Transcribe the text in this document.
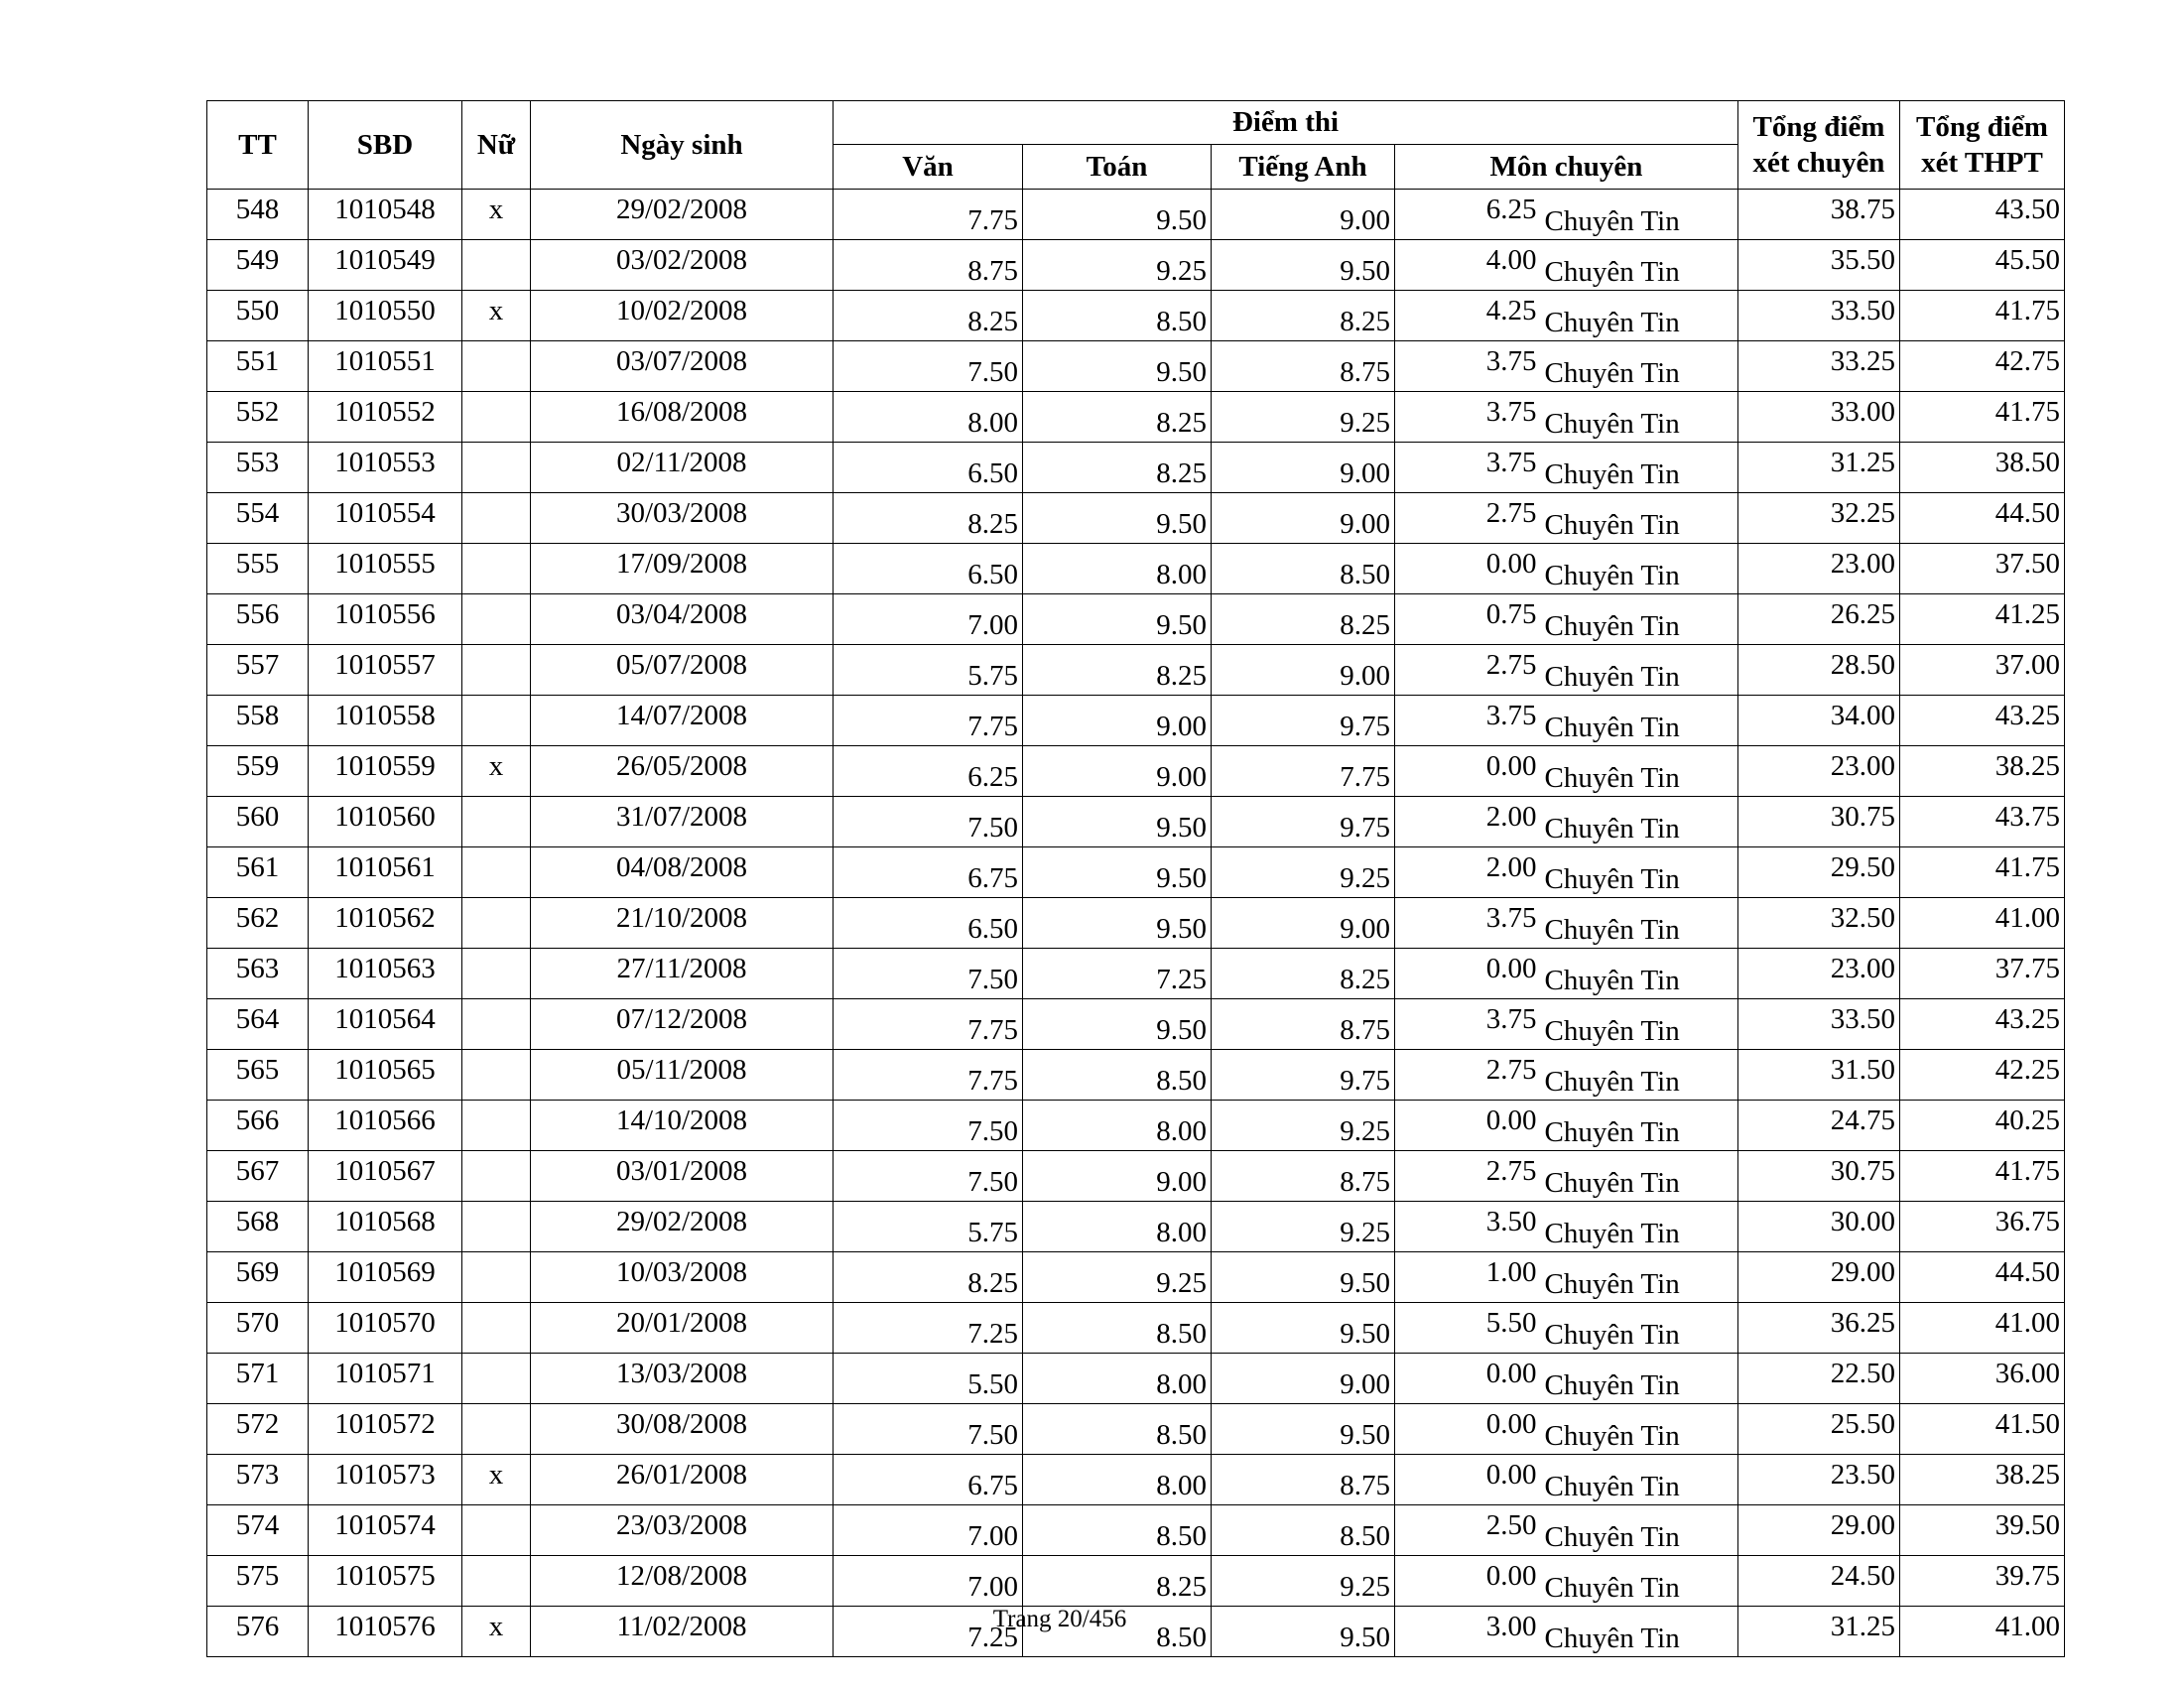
TT	SBD	Nữ	Ngày sinh	Điểm thi					Tổng điểm xét chuyên	Tổng điểm xét THPT
				Văn	Toán	Tiếng Anh	Môn chuyên			
548	1010548	x	29/02/2008	7.75	9.50	9.00	6.25	Chuyên Tin	38.75	43.50
549	1010549		03/02/2008	8.75	9.25	9.50	4.00	Chuyên Tin	35.50	45.50
550	1010550	x	10/02/2008	8.25	8.50	8.25	4.25	Chuyên Tin	33.50	41.75
551	1010551		03/07/2008	7.50	9.50	8.75	3.75	Chuyên Tin	33.25	42.75
552	1010552		16/08/2008	8.00	8.25	9.25	3.75	Chuyên Tin	33.00	41.75
553	1010553		02/11/2008	6.50	8.25	9.00	3.75	Chuyên Tin	31.25	38.50
554	1010554		30/03/2008	8.25	9.50	9.00	2.75	Chuyên Tin	32.25	44.50
555	1010555		17/09/2008	6.50	8.00	8.50	0.00	Chuyên Tin	23.00	37.50
556	1010556		03/04/2008	7.00	9.50	8.25	0.75	Chuyên Tin	26.25	41.25
557	1010557		05/07/2008	5.75	8.25	9.00	2.75	Chuyên Tin	28.50	37.00
558	1010558		14/07/2008	7.75	9.00	9.75	3.75	Chuyên Tin	34.00	43.25
559	1010559	x	26/05/2008	6.25	9.00	7.75	0.00	Chuyên Tin	23.00	38.25
560	1010560		31/07/2008	7.50	9.50	9.75	2.00	Chuyên Tin	30.75	43.75
561	1010561		04/08/2008	6.75	9.50	9.25	2.00	Chuyên Tin	29.50	41.75
562	1010562		21/10/2008	6.50	9.50	9.00	3.75	Chuyên Tin	32.50	41.00
563	1010563		27/11/2008	7.50	7.25	8.25	0.00	Chuyên Tin	23.00	37.75
564	1010564		07/12/2008	7.75	9.50	8.75	3.75	Chuyên Tin	33.50	43.25
565	1010565		05/11/2008	7.75	8.50	9.75	2.75	Chuyên Tin	31.50	42.25
566	1010566		14/10/2008	7.50	8.00	9.25	0.00	Chuyên Tin	24.75	40.25
567	1010567		03/01/2008	7.50	9.00	8.75	2.75	Chuyên Tin	30.75	41.75
568	1010568		29/02/2008	5.75	8.00	9.25	3.50	Chuyên Tin	30.00	36.75
569	1010569		10/03/2008	8.25	9.25	9.50	1.00	Chuyên Tin	29.00	44.50
570	1010570		20/01/2008	7.25	8.50	9.50	5.50	Chuyên Tin	36.25	41.00
571	1010571		13/03/2008	5.50	8.00	9.00	0.00	Chuyên Tin	22.50	36.00
572	1010572		30/08/2008	7.50	8.50	9.50	0.00	Chuyên Tin	25.50	41.50
573	1010573	x	26/01/2008	6.75	8.00	8.75	0.00	Chuyên Tin	23.50	38.25
574	1010574		23/03/2008	7.00	8.50	8.50	2.50	Chuyên Tin	29.00	39.50
575	1010575		12/08/2008	7.00	8.25	9.25	0.00	Chuyên Tin	24.50	39.75
576	1010576	x	11/02/2008	7.25	8.50	9.50	3.00	Chuyên Tin	31.25	41.00
Trang 20/456
